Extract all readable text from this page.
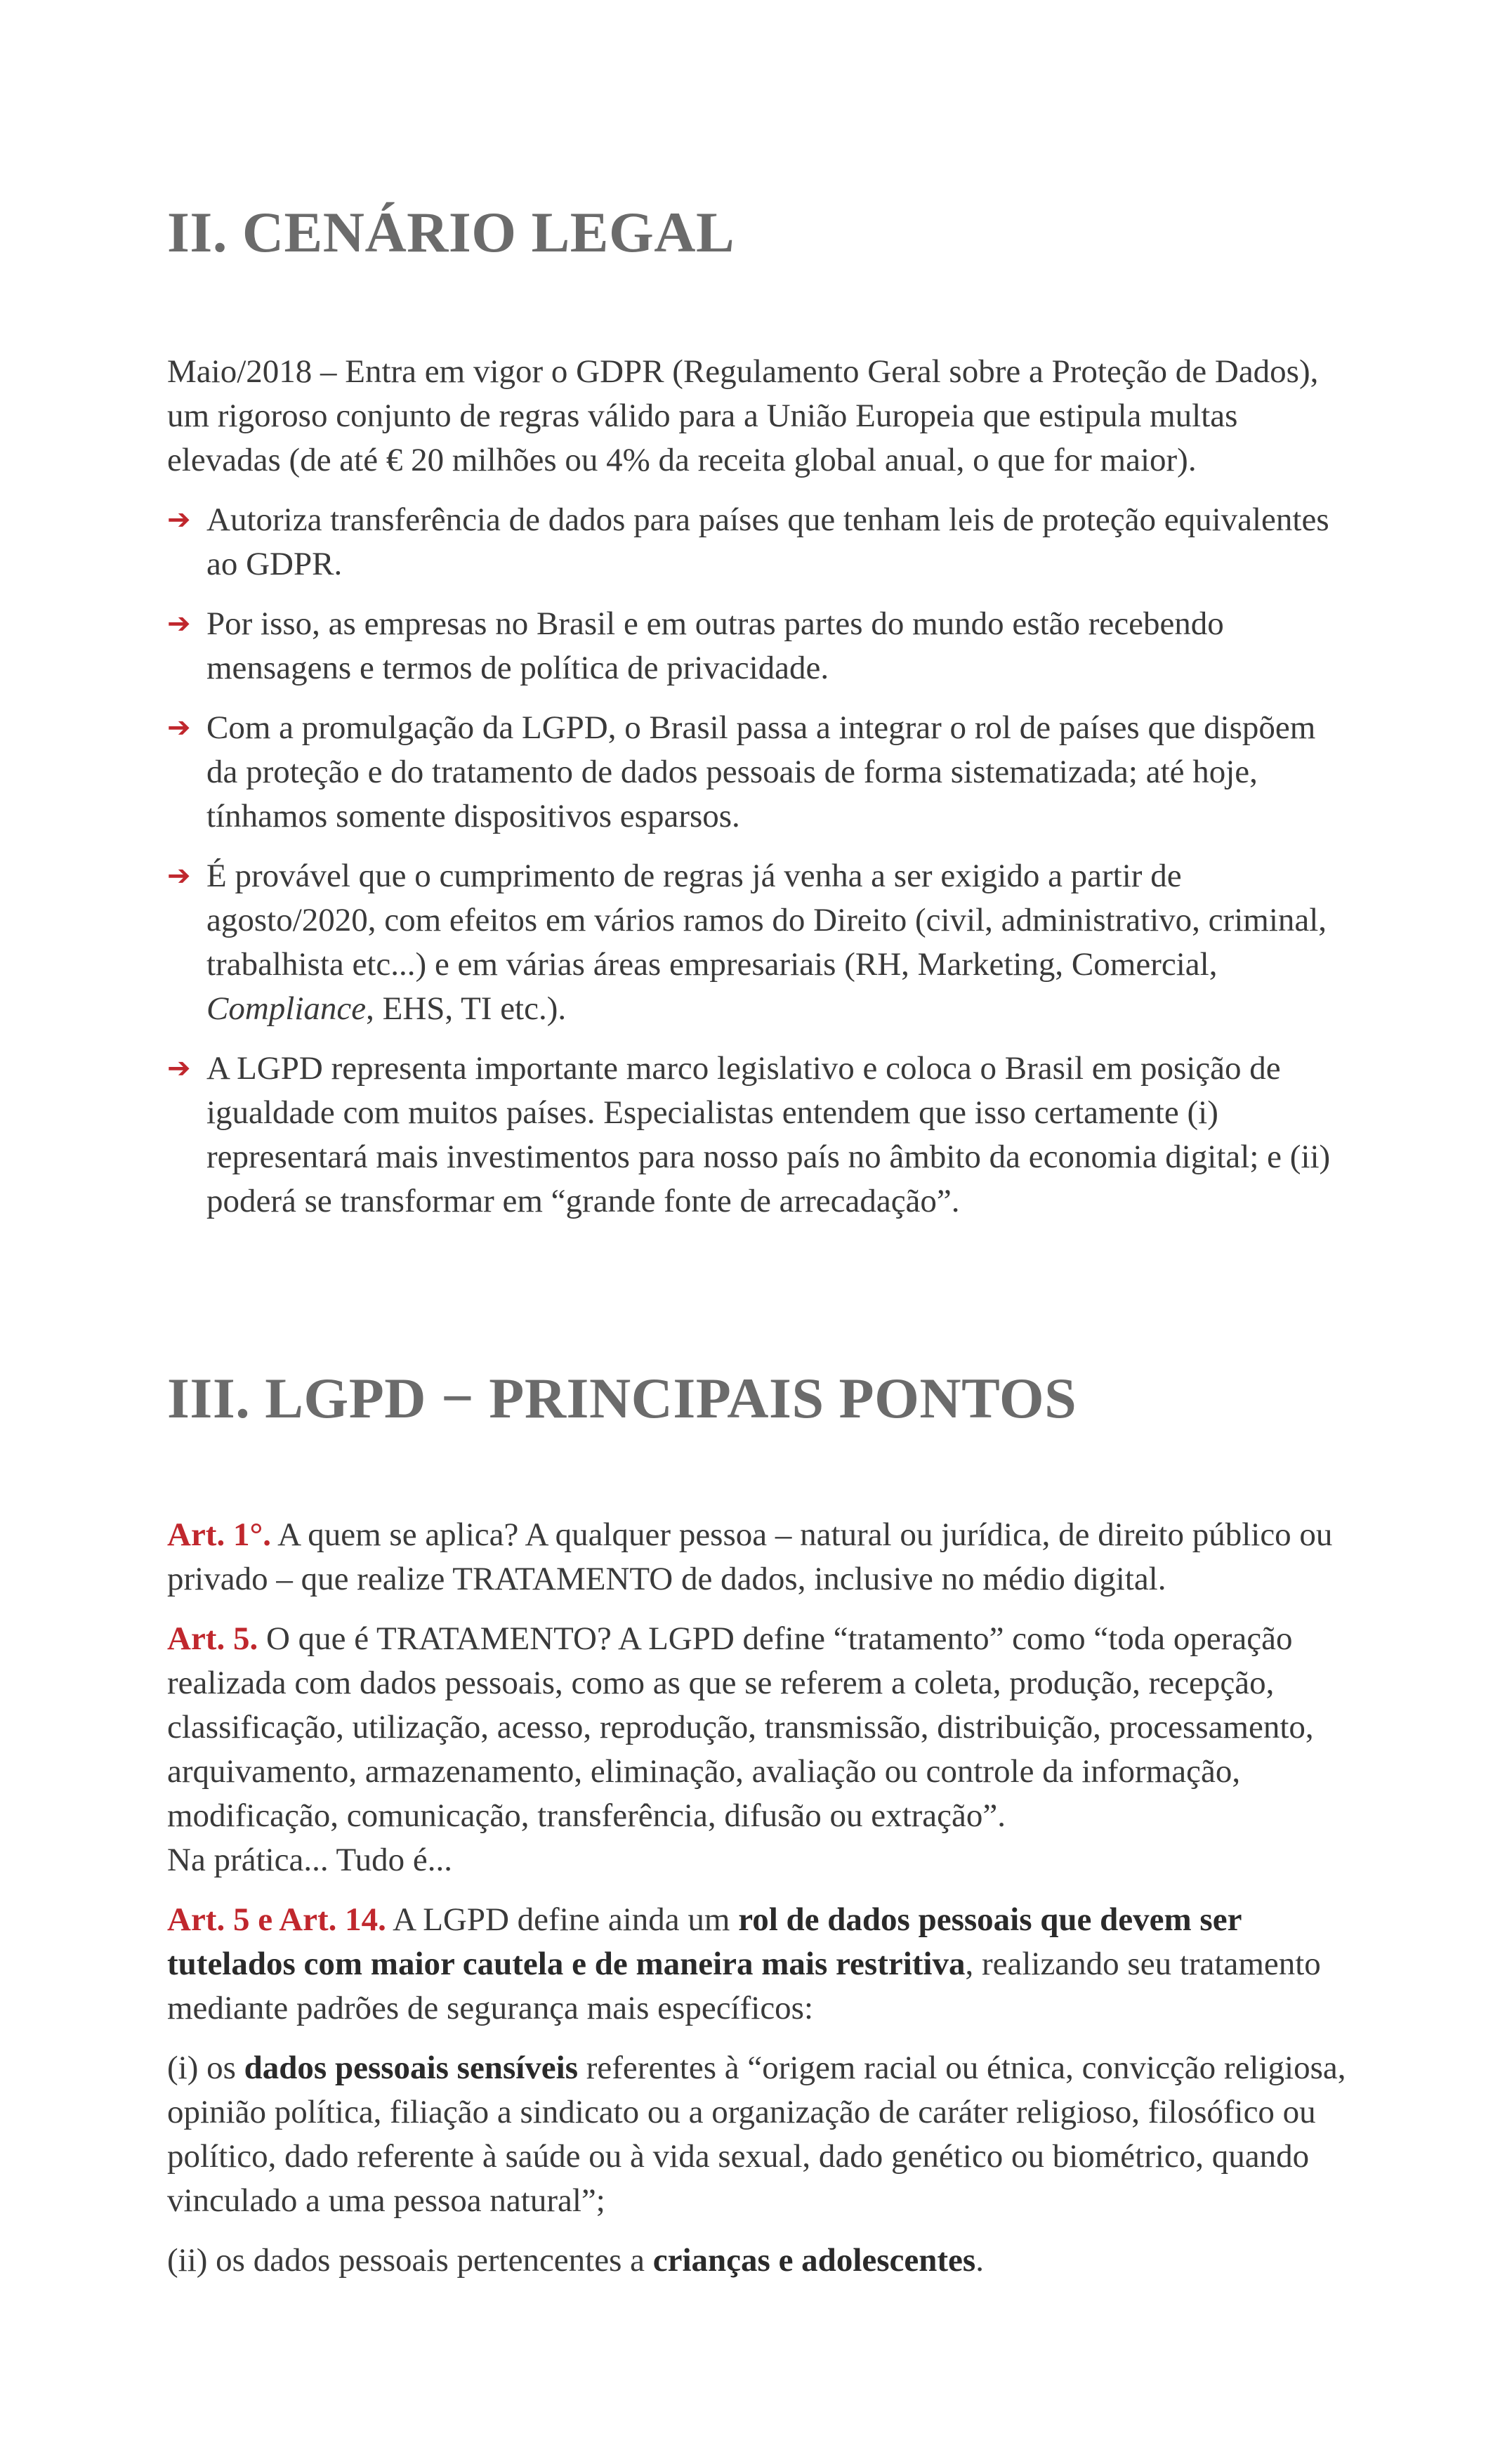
II. CENÁRIO LEGAL

Maio/2018 – Entra em vigor o GDPR (Regulamento Geral sobre a Proteção de Dados), um rigoroso conjunto de regras válido para a União Europeia que estipula multas elevadas (de até € 20 milhões ou 4% da receita global anual, o que for maior).

➔ Autoriza transferência de dados para países que tenham leis de proteção equivalentes ao GDPR.
➔ Por isso, as empresas no Brasil e em outras partes do mundo estão recebendo mensagens e termos de política de privacidade.
➔ Com a promulgação da LGPD, o Brasil passa a integrar o rol de países que dispõem da proteção e do tratamento de dados pessoais de forma sistematizada; até hoje, tínhamos somente dispositivos esparsos.
➔ É provável que o cumprimento de regras já venha a ser exigido a partir de agosto/2020, com efeitos em vários ramos do Direito (civil, administrativo, criminal, trabalhista etc...) e em várias áreas empresariais (RH, Marketing, Comercial, Compliance, EHS, TI etc.).
➔ A LGPD representa importante marco legislativo e coloca o Brasil em posição de igualdade com muitos países. Especialistas entendem que isso certamente (i) representará mais investimentos para nosso país no âmbito da economia digital; e (ii) poderá se transformar em “grande fonte de arrecadação”.
III. LGPD − PRINCIPAIS PONTOS

Art. 1°. A quem se aplica? A qualquer pessoa – natural ou jurídica, de direito público ou privado – que realize TRATAMENTO de dados, inclusive no médio digital.

Art. 5. O que é TRATAMENTO? A LGPD define “tratamento” como “toda operação realizada com dados pessoais, como as que se referem a coleta, produção, recepção, classificação, utilização, acesso, reprodução, transmissão, distribuição, processamento, arquivamento, armazenamento, eliminação, avaliação ou controle da informação, modificação, comunicação, transferência, difusão ou extração”.
Na prática... Tudo é...

Art. 5 e Art. 14. A LGPD define ainda um rol de dados pessoais que devem ser tutelados com maior cautela e de maneira mais restritiva, realizando seu tratamento mediante padrões de segurança mais específicos:

(i) os dados pessoais sensíveis referentes à “origem racial ou étnica, convicção religiosa, opinião política, filiação a sindicato ou a organização de caráter religioso, filosófico ou político, dado referente à saúde ou à vida sexual, dado genético ou biométrico, quando vinculado a uma pessoa natural”;

(ii) os dados pessoais pertencentes a crianças e adolescentes.
